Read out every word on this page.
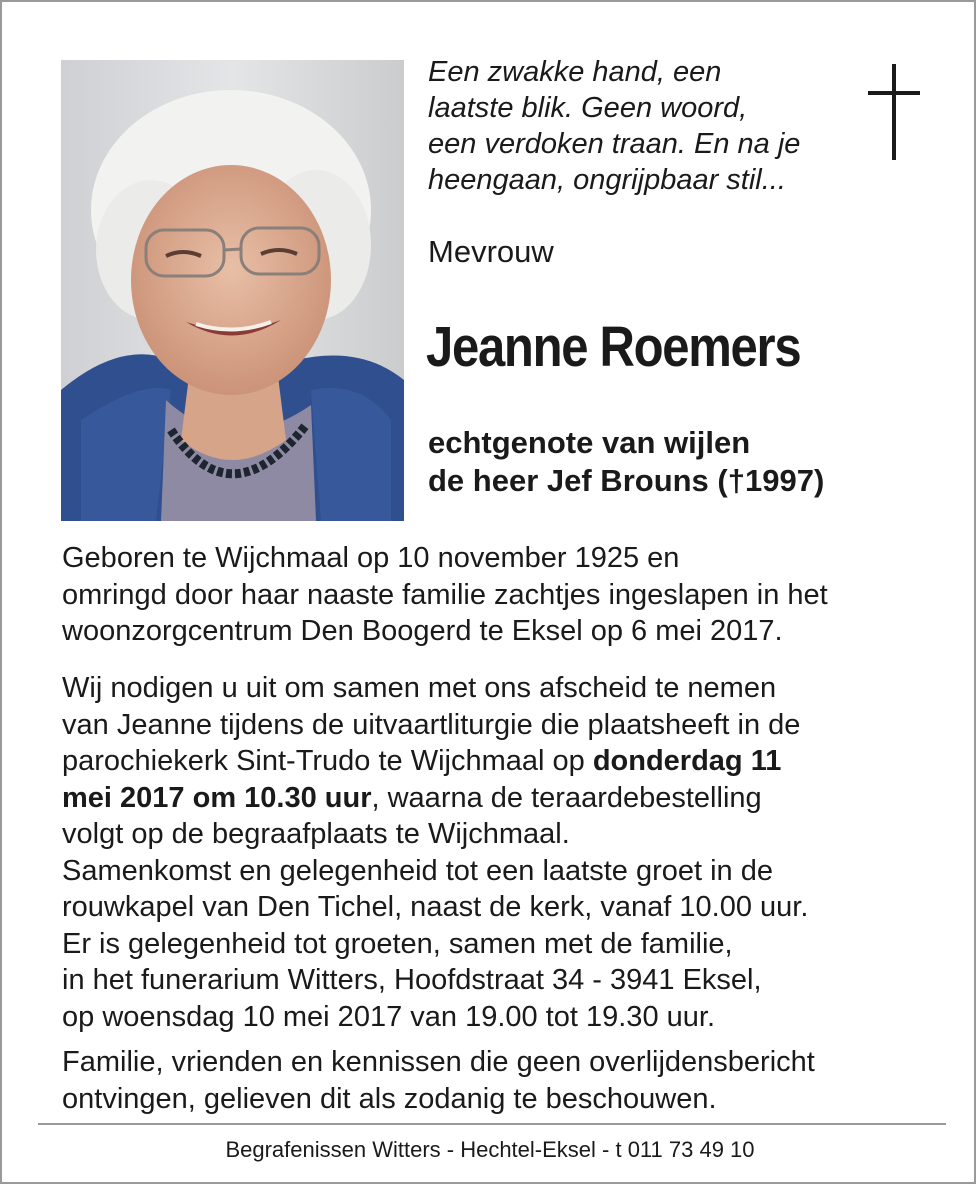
Een zwakke hand, een
laatste blik. Geen woord,
een verdoken traan. En na je
heengaan, ongrijpbaar stil...
Mevrouw
Jeanne Roemers
echtgenote van wijlen
de heer Jef Brouns (†1997)
Geboren te Wijchmaal op 10 november 1925 en
omringd door haar naaste familie zachtjes ingeslapen in het
woonzorgcentrum Den Boogerd te Eksel op 6 mei 2017.
Wij nodigen u uit om samen met ons afscheid te nemen
van Jeanne tijdens de uitvaartliturgie die plaatsheeft in de
parochiekerk Sint-Trudo te Wijchmaal op donderdag 11
mei 2017 om 10.30 uur, waarna de teraardebestelling
volgt op de begraafplaats te Wijchmaal.
Samenkomst en gelegenheid tot een laatste groet in de
rouwkapel van Den Tichel, naast de kerk, vanaf 10.00 uur.
Er is gelegenheid tot groeten, samen met de familie,
in het funerarium Witters, Hoofdstraat 34 - 3941 Eksel,
op woensdag 10 mei 2017 van 19.00 tot 19.30 uur.
Familie, vrienden en kennissen die geen overlijdensbericht
ontvingen, gelieven dit als zodanig te beschouwen.
Begrafenissen Witters - Hechtel-Eksel - t 011 73 49 10
